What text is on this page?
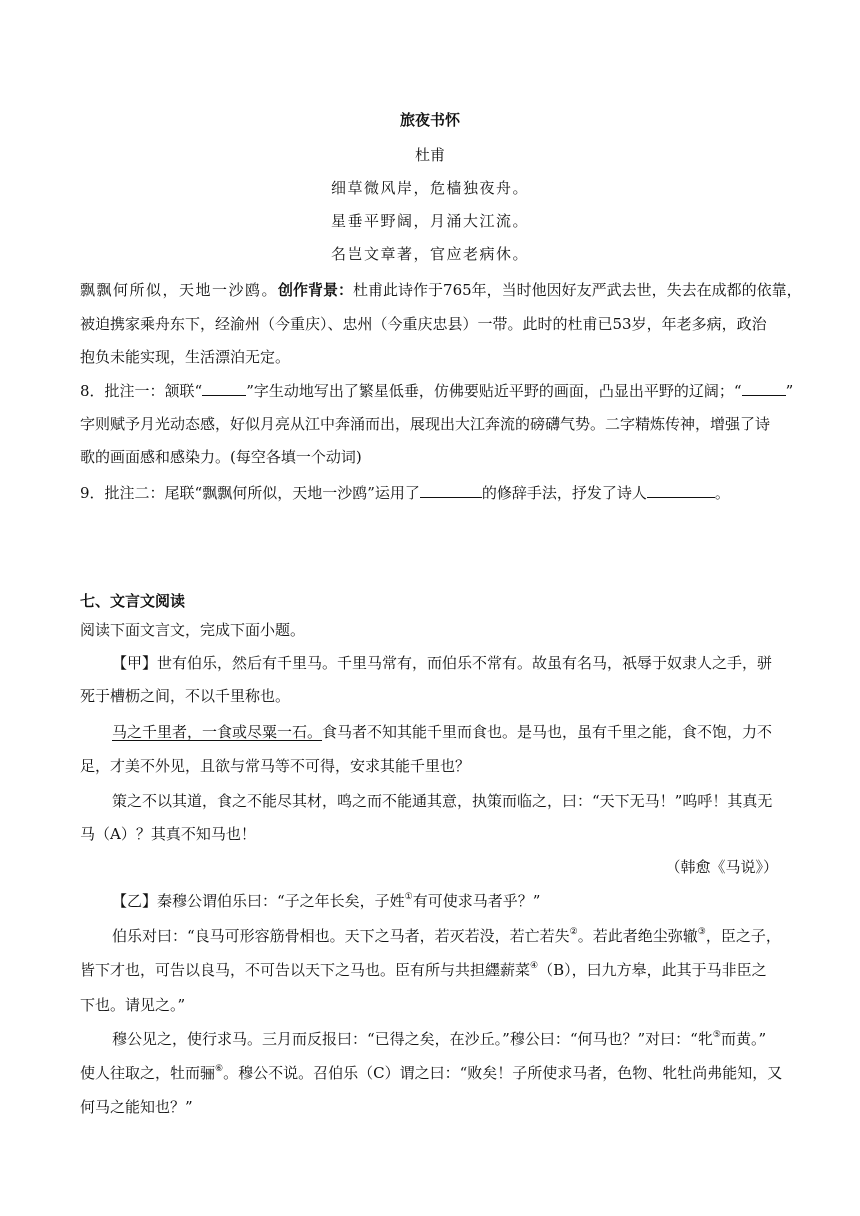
旅夜书怀
杜甫
细草微风岸，危樯独夜舟。
星垂平野阔，月涌大江流。
名岂文章著，官应老病休。
飘飘何所似，天地一沙鸥。创作背景：杜甫此诗作于765年，当时他因好友严武去世，失去在成都的依靠，
被迫携家乘舟东下，经渝州（今重庆）、忠州（今重庆忠县）一带。此时的杜甫已53岁，年老多病，政治
抱负未能实现，生活漂泊无定。
8．批注一：颔联“	”字生动地写出了繁星低垂，仿佛要贴近平野的画面，凸显出平野的辽阔；“	”
字则赋予月光动态感，好似月亮从江中奔涌而出，展现出大江奔流的磅礴气势。二字精炼传神，增强了诗
歌的画面感和感染力。(每空各填一个动词)
9．批注二：尾联“飘飘何所似，天地一沙鸥”运用了	的修辞手法，抒发了诗人	。
七、文言文阅读
阅读下面文言文，完成下面小题。
【甲】世有伯乐，然后有千里马。千里马常有，而伯乐不常有。故虽有名马，祇辱于奴隶人之手，骈
死于槽枥之间，不以千里称也。
马之千里者，一食或尽粟一石。食马者不知其能千里而食也。是马也，虽有千里之能，食不饱，力不
足，才美不外见，且欲与常马等不可得，安求其能千里也？
策之不以其道，食之不能尽其材，鸣之而不能通其意，执策而临之，曰：“天下无马！”呜呼！其真无
马（A）？其真不知马也！
（韩愈《马说》）
【乙】秦穆公谓伯乐曰：“子之年长矣，子姓①有可使求马者乎？”
伯乐对曰：“良马可形容筋骨相也。天下之马者，若灭若没，若亡若失②。若此者绝尘弥辙③，臣之子，
皆下才也，可告以良马，不可告以天下之马也。臣有所与共担纆薪菜④（B），曰九方皋，此其于马非臣之
下也。请见之。”
穆公见之，使行求马。三月而反报曰：“已得之矣，在沙丘。”穆公曰：“何马也？”对曰：“牝⑤而黄。”
使人往取之，牡而骊⑥。穆公不说。召伯乐（C）谓之曰：“败矣！子所使求马者，色物、牝牡尚弗能知，又
何马之能知也？”
